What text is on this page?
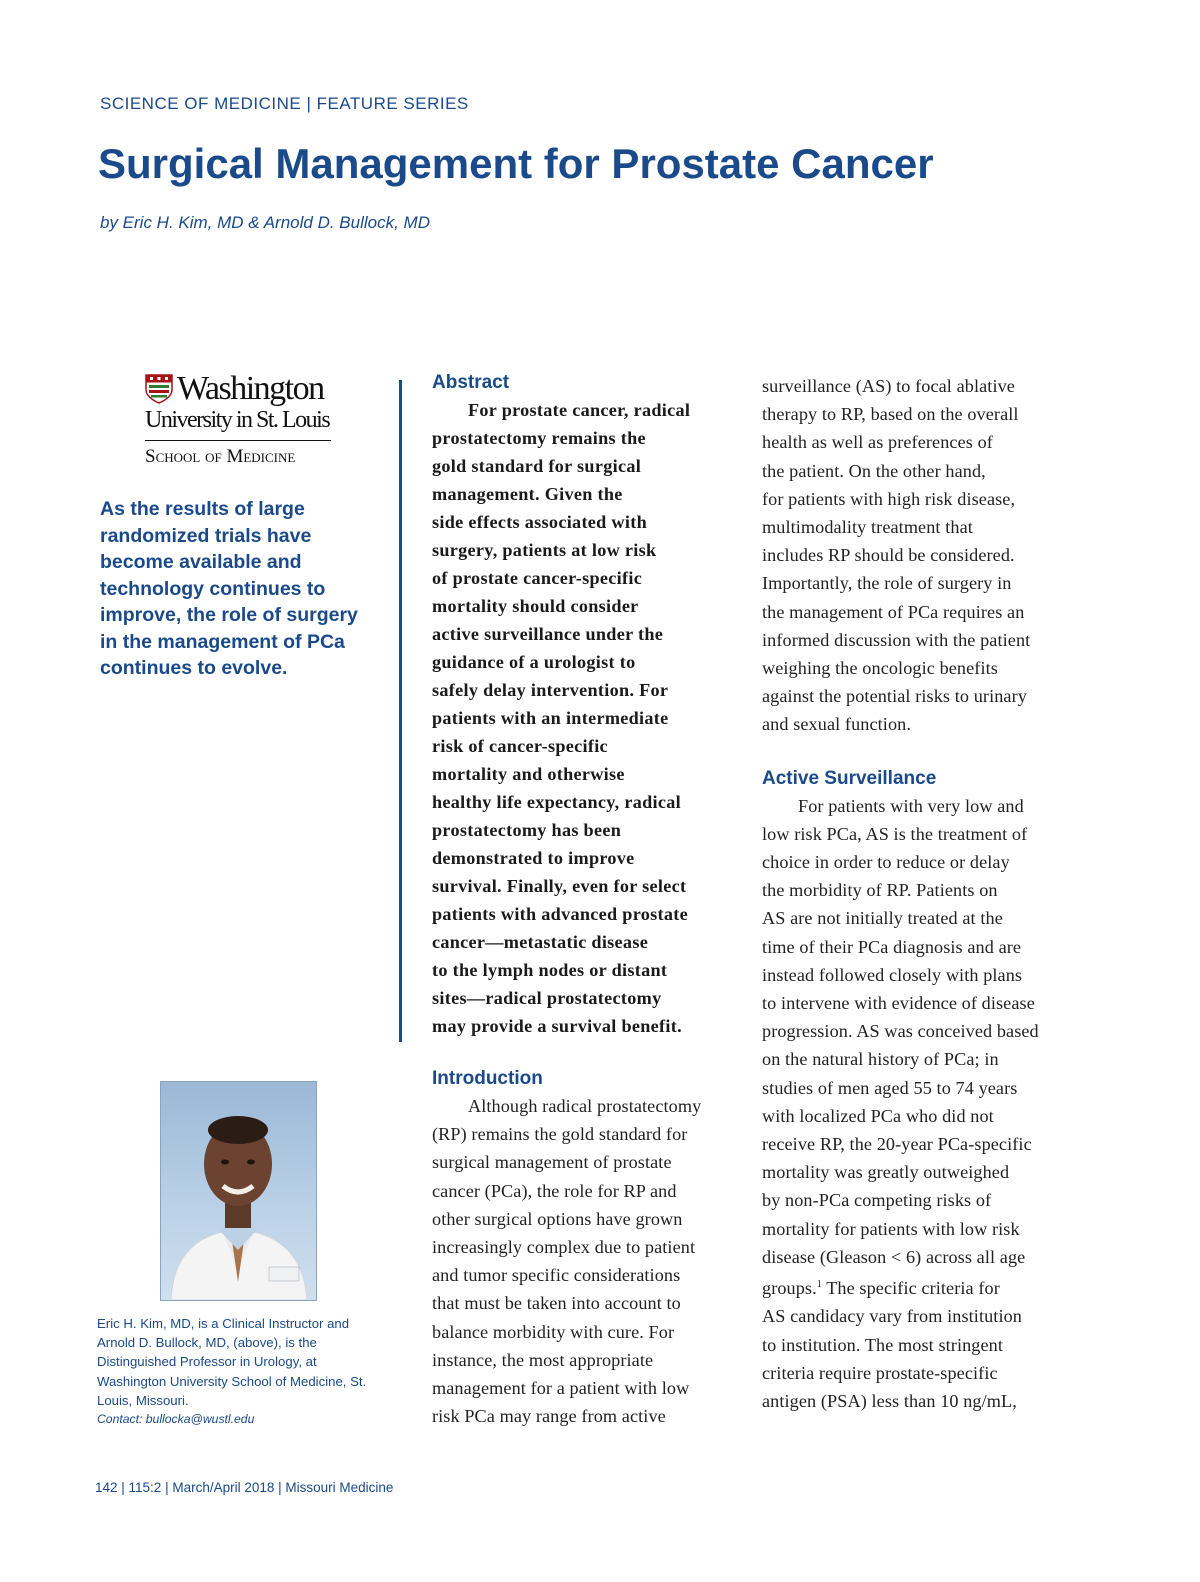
SCIENCE OF MEDICINE | FEATURE SERIES
Surgical Management for Prostate Cancer
by Eric H. Kim, MD & Arnold D. Bullock, MD
Washington
University in St. Louis
School of Medicine
As the results of large randomized trials have become available and technology continues to improve, the role of surgery in the management of PCa continues to evolve.
Eric H. Kim, MD, is a Clinical Instructor and Arnold D. Bullock, MD, (above), is the Distinguished Professor in Urology, at Washington University School of Medicine, St. Louis, Missouri.
Contact: bullocka@wustl.edu
Abstract
For prostate cancer, radical
prostatectomy remains the
gold standard for surgical
management. Given the
side effects associated with
surgery, patients at low risk
of prostate cancer-specific
mortality should consider
active surveillance under the
guidance of a urologist to
safely delay intervention. For
patients with an intermediate
risk of cancer-specific
mortality and otherwise
healthy life expectancy, radical
prostatectomy has been
demonstrated to improve
survival. Finally, even for select
patients with advanced prostate
cancer—metastatic disease
to the lymph nodes or distant
sites—radical prostatectomy
may provide a survival benefit.
Introduction
Although radical prostatectomy
(RP) remains the gold standard for
surgical management of prostate
cancer (PCa), the role for RP and
other surgical options have grown
increasingly complex due to patient
and tumor specific considerations
that must be taken into account to
balance morbidity with cure. For
instance, the most appropriate
management for a patient with low
risk PCa may range from active
surveillance (AS) to focal ablative
therapy to RP, based on the overall
health as well as preferences of
the patient. On the other hand,
for patients with high risk disease,
multimodality treatment that
includes RP should be considered.
Importantly, the role of surgery in
the management of PCa requires an
informed discussion with the patient
weighing the oncologic benefits
against the potential risks to urinary
and sexual function.
Active Surveillance
For patients with very low and
low risk PCa, AS is the treatment of
choice in order to reduce or delay
the morbidity of RP. Patients on
AS are not initially treated at the
time of their PCa diagnosis and are
instead followed closely with plans
to intervene with evidence of disease
progression. AS was conceived based
on the natural history of PCa; in
studies of men aged 55 to 74 years
with localized PCa who did not
receive RP, the 20-year PCa-specific
mortality was greatly outweighed
by non-PCa competing risks of
mortality for patients with low risk
disease (Gleason < 6) across all age
groups.$^1$ The specific criteria for
AS candidacy vary from institution
to institution. The most stringent
criteria require prostate-specific
antigen (PSA) less than 10 ng/mL,
142 | 115:2 | March/April 2018 | Missouri Medicine
